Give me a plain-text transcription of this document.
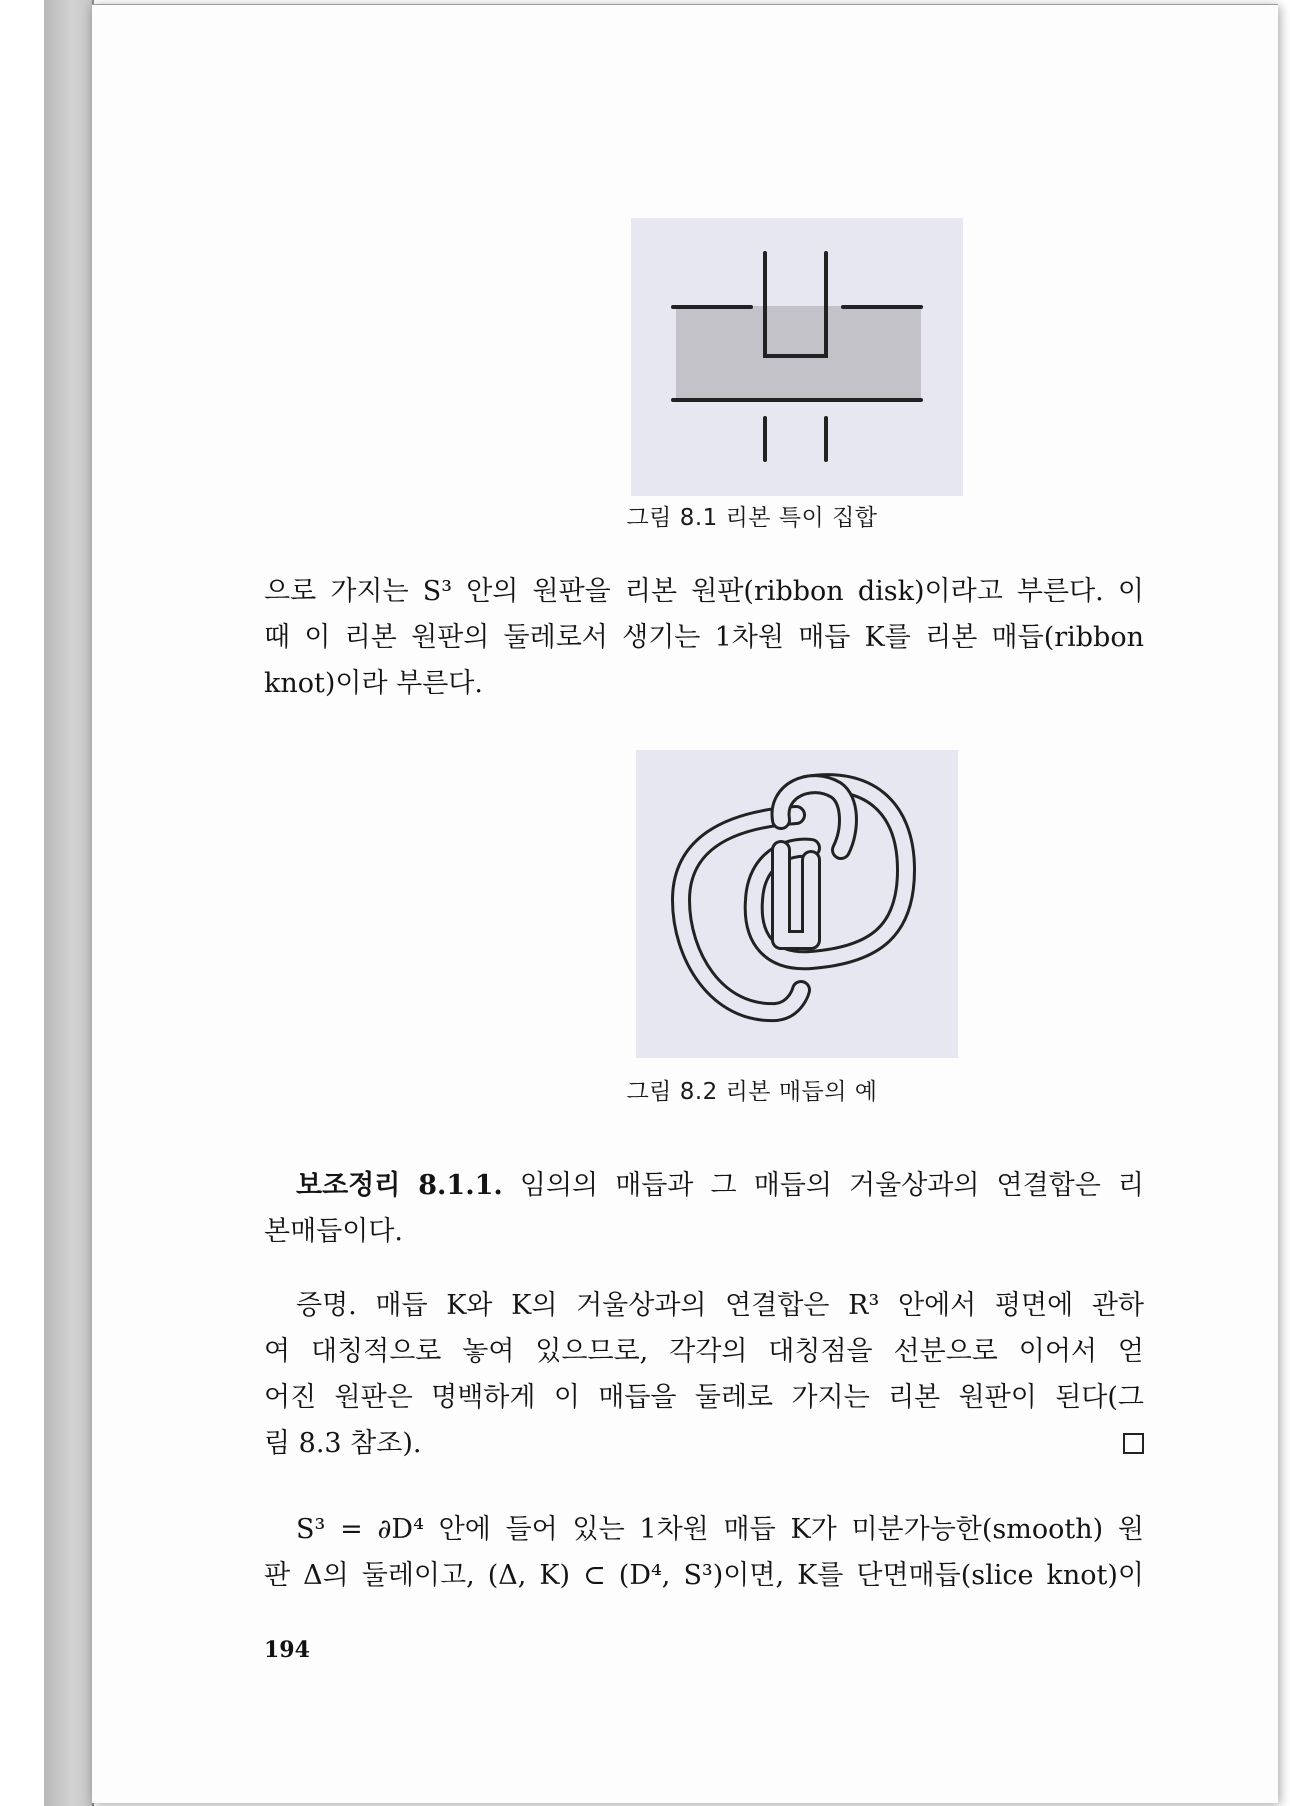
그림 8.1 리본 특이 집합
으로 가지는 S³ 안의 원판을 리본 원판(ribbon disk)이라고 부른다. 이
때 이 리본 원판의 둘레로서 생기는 1차원 매듭 K를 리본 매듭(ribbon
knot)이라 부른다.
그림 8.2 리본 매듭의 예
보조정리 8.1.1. 임의의 매듭과 그 매듭의 거울상과의 연결합은 리
본매듭이다.
증명. 매듭 K와 K의 거울상과의 연결합은 R³ 안에서 평면에 관하
여 대칭적으로 놓여 있으므로, 각각의 대칭점을 선분으로 이어서 얻
어진 원판은 명백하게 이 매듭을 둘레로 가지는 리본 원판이 된다(그
림 8.3 참조).
S³ = ∂D⁴ 안에 들어 있는 1차원 매듭 K가 미분가능한(smooth) 원
판 Δ의 둘레이고, (Δ, K) ⊂ (D⁴, S³)이면, K를 단면매듭(slice knot)이
194
